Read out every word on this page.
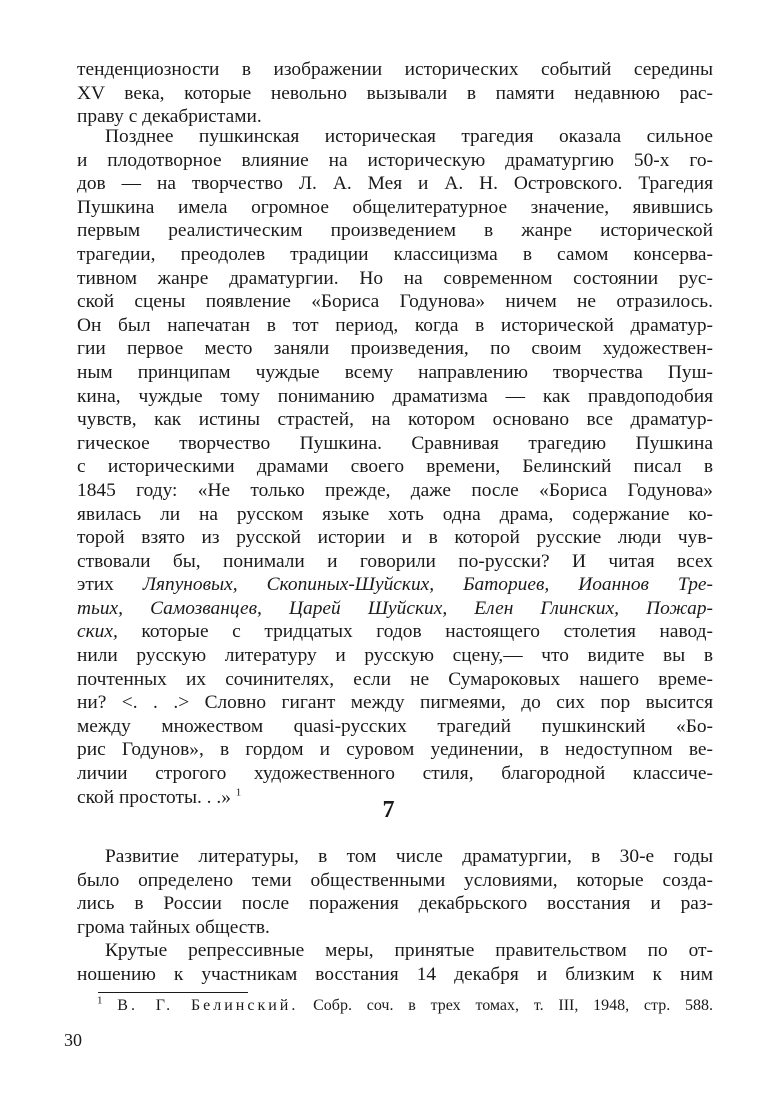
тенденциозности в изображении исторических событий середины
XV века, которые невольно вызывали в памяти недавнюю рас-
праву с декабристами.

Позднее пушкинская историческая трагедия оказала сильное
и плодотворное влияние на историческую драматургию 50-х го-
дов — на творчество Л. А. Мея и А. Н. Островского. Трагедия
Пушкина имела огромное общелитературное значение, явившись
первым реалистическим произведением в жанре исторической
трагедии, преодолев традиции классицизма в самом консерва-
тивном жанре драматургии. Но на современном состоянии рус-
ской сцены появление «Бориса Годунова» ничем не отразилось.
Он был напечатан в тот период, когда в исторической драматур-
гии первое место заняли произведения, по своим художествен-
ным принципам чуждые всему направлению творчества Пуш-
кина, чуждые тому пониманию драматизма — как правдоподобия
чувств, как истины страстей, на котором основано все драматур-
гическое творчество Пушкина. Сравнивая трагедию Пушкина
с историческими драмами своего времени, Белинский писал в
1845 году: «Не только прежде, даже после «Бориса Годунова»
явилась ли на русском языке хоть одна драма, содержание ко-
торой взято из русской истории и в которой русские люди чув-
ствовали бы, понимали и говорили по-русски? И читая всех
этих Ляпуновых, Скопиных-Шуйских, Баториев, Иоаннов Тре-
тьих, Самозванцев, Царей Шуйских, Елен Глинских, Пожар-
ских, которые с тридцатых годов настоящего столетия навод-
нили русскую литературу и русскую сцену,— что видите вы в
почтенных их сочинителях, если не Сумароковых нашего време-
ни? <. . .> Словно гигант между пигмеями, до сих пор высится
между множеством quasi-русских трагедий пушкинский «Бо-
рис Годунов», в гордом и суровом уединении, в недоступном ве-
личии строгого художественного стиля, благородной классиче-
ской простоты. . .» $^1$

7

Развитие литературы, в том числе драматургии, в 30-е годы
было определено теми общественными условиями, которые созда-
лись в России после поражения декабрьского восстания и раз-
грома тайных обществ.

Крутые репрессивные меры, принятые правительством по от-
ношению к участникам восстания 14 декабря и близким к ним

$^1$ В. Г. Белинский. Собр. соч. в трех томах, т. III, 1948, стр. 588.
30
